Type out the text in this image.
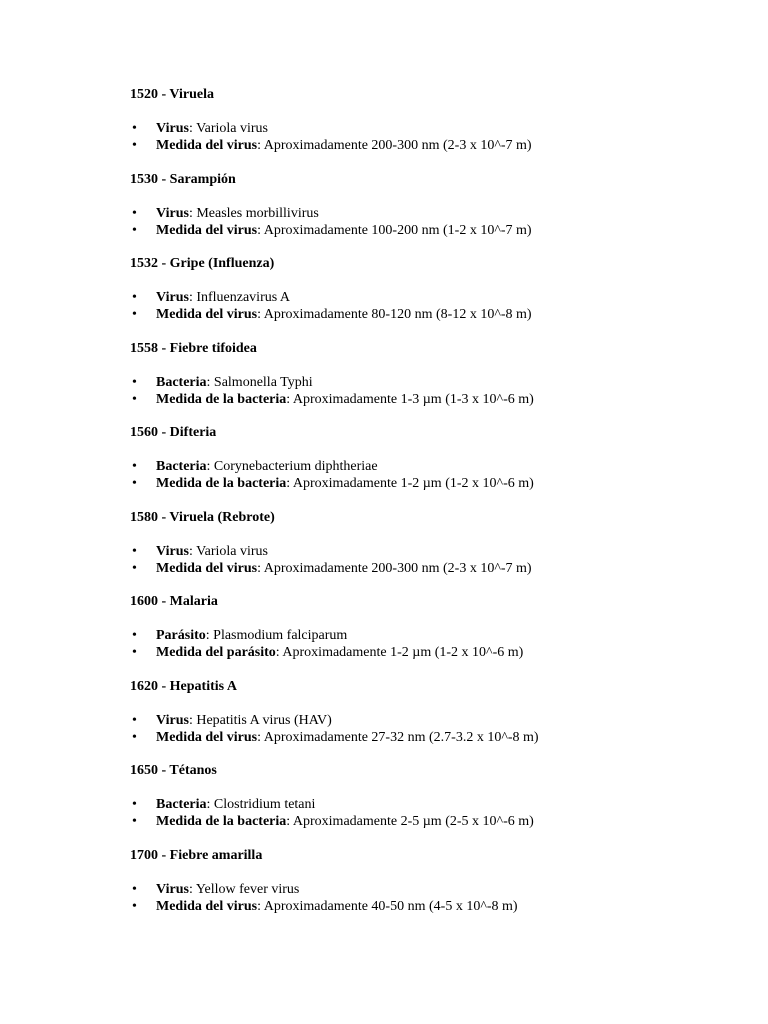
1520 - Viruela

• Virus: Variola virus
• Medida del virus: Aproximadamente 200-300 nm (2-3 x 10^-7 m)

1530 - Sarampión

• Virus: Measles morbillivirus
• Medida del virus: Aproximadamente 100-200 nm (1-2 x 10^-7 m)

1532 - Gripe (Influenza)

• Virus: Influenzavirus A
• Medida del virus: Aproximadamente 80-120 nm (8-12 x 10^-8 m)

1558 - Fiebre tifoidea

• Bacteria: Salmonella Typhi
• Medida de la bacteria: Aproximadamente 1-3 µm (1-3 x 10^-6 m)

1560 - Difteria

• Bacteria: Corynebacterium diphtheriae
• Medida de la bacteria: Aproximadamente 1-2 µm (1-2 x 10^-6 m)

1580 - Viruela (Rebrote)

• Virus: Variola virus
• Medida del virus: Aproximadamente 200-300 nm (2-3 x 10^-7 m)

1600 - Malaria

• Parásito: Plasmodium falciparum
• Medida del parásito: Aproximadamente 1-2 µm (1-2 x 10^-6 m)

1620 - Hepatitis A

• Virus: Hepatitis A virus (HAV)
• Medida del virus: Aproximadamente 27-32 nm (2.7-3.2 x 10^-8 m)

1650 - Tétanos

• Bacteria: Clostridium tetani
• Medida de la bacteria: Aproximadamente 2-5 µm (2-5 x 10^-6 m)

1700 - Fiebre amarilla

• Virus: Yellow fever virus
• Medida del virus: Aproximadamente 40-50 nm (4-5 x 10^-8 m)
